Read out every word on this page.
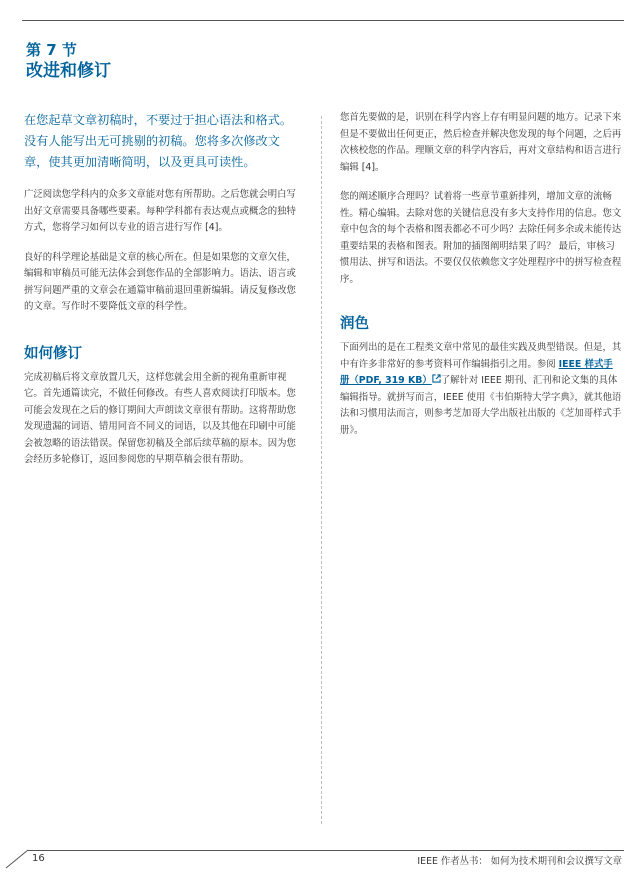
第 7 节
改进和修订

在您起草文章初稿时，不要过于担心语法和格式。没有人能写出无可挑剔的初稿。您将多次修改文章，使其更加清晰简明，以及更具可读性。

广泛阅读您学科内的众多文章能对您有所帮助。之后您就会明白写出好文章需要具备哪些要素。每种学科都有表达观点或概念的独特方式，您将学习如何以专业的语言进行写作 [4]。

良好的科学理论基础是文章的核心所在。但是如果您的文章欠佳，编辑和审稿员可能无法体会到您作品的全部影响力。语法、语言或拼写问题严重的文章会在通篇审稿前退回重新编辑。请反复修改您的文章。写作时不要降低文章的科学性。

如何修订

完成初稿后将文章放置几天，这样您就会用全新的视角重新审视它。首先通篇读完，不做任何修改。有些人喜欢阅读打印版本。您可能会发现在之后的修订期间大声朗读文章很有帮助。这将帮助您发现遗漏的词语、错用同音不同义的词语，以及其他在印刷中可能会被忽略的语法错误。保留您初稿及全部后续草稿的原本。因为您会经历多轮修订，返回参阅您的早期草稿会很有帮助。

您首先要做的是，识别在科学内容上存有明显问题的地方。记录下来但是不要做出任何更正，然后检查并解决您发现的每个问题，之后再次核校您的作品。理顺文章的科学内容后，再对文章结构和语言进行编辑 [4]。

您的阐述顺序合理吗？试着将一些章节重新排列，增加文章的流畅性。精心编辑。去除对您的关键信息没有多大支持作用的信息。您文章中包含的每个表格和图表都必不可少吗？去除任何多余或未能传达重要结果的表格和图表。附加的插图阐明结果了吗？ 最后，审核习惯用法、拼写和语法。不要仅仅依赖您文字处理程序中的拼写检查程序。

润色

下面列出的是在工程类文章中常见的最佳实践及典型错误。但是，其中有许多非常好的参考资料可作编辑指引之用。参阅 IEEE 样式手册（PDF, 319 KB） 了解针对 IEEE 期刊、汇刊和论文集的具体编辑指导。就拼写而言，IEEE 使用《韦伯斯特大学字典》，就其他语法和习惯用法而言，则参考芝加哥大学出版社出版的《芝加哥样式手册》。

16	IEEE 作者丛书： 如何为技术期刊和会议撰写文章
